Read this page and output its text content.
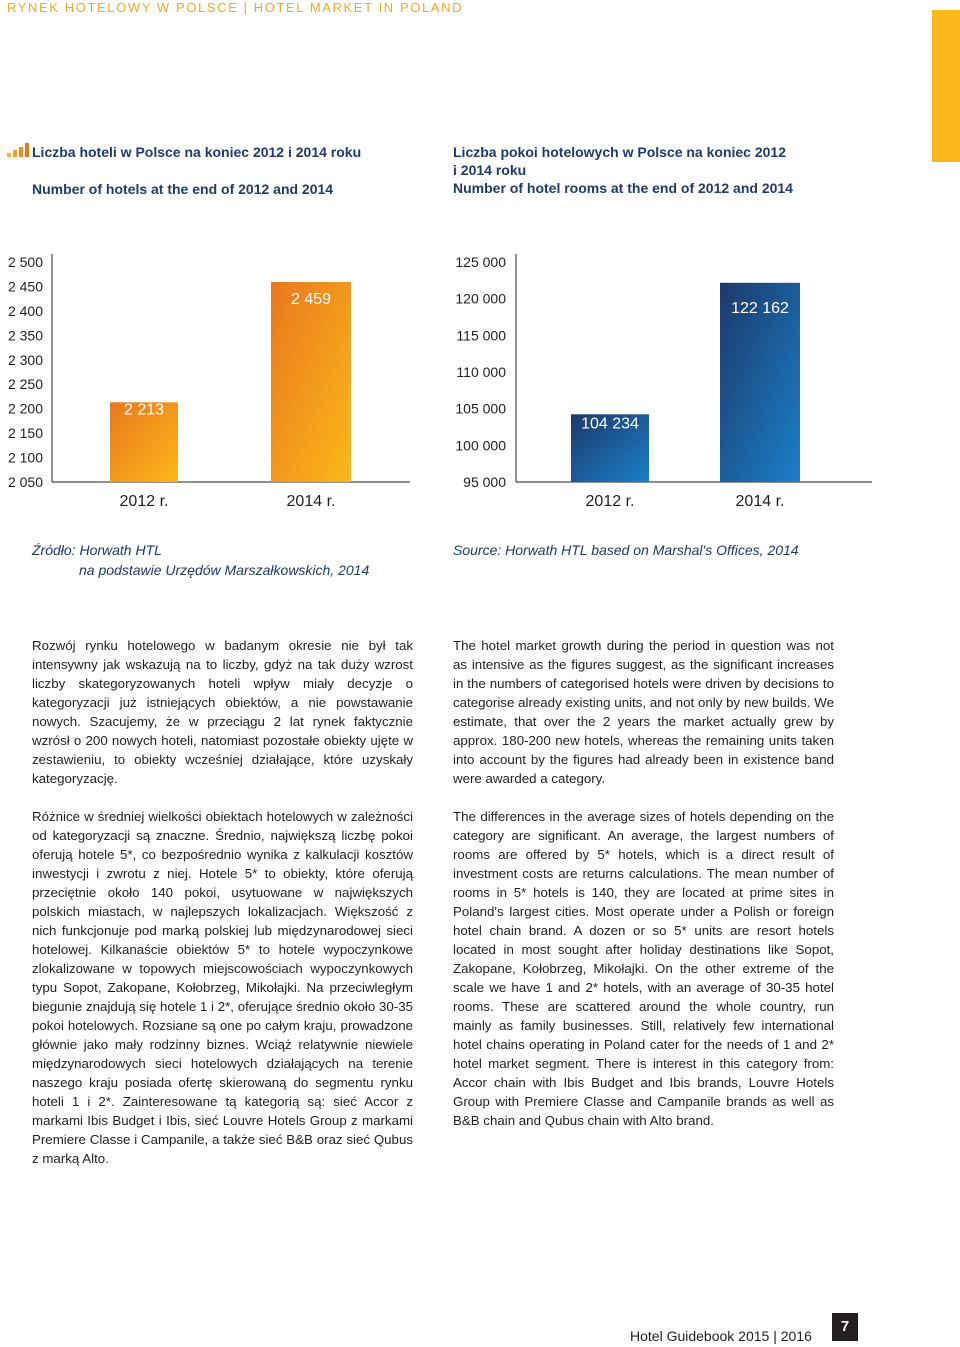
RYNEK HOTELOWY W POLSCE | HOTEL MARKET IN POLAND
Liczba hoteli w Polsce na koniec 2012 i 2014 roku
Number of hotels at the end of 2012 and 2014
Liczba pokoi hotelowych w Polsce na koniec 2012
i 2014 roku
Number of hotel rooms at the end of 2012 and 2014
2 500
2 450
2 400
2 350
2 300
2 250
2 200
2 150
2 100
2 050
2 213
2012 r.
2 459
2014 r.
125 000
120 000
115 000
110 000
105 000
100 000
95 000
104 234
2012 r.
122 162
2014 r.
Źródło: Horwath HTL
na podstawie Urzędów Marszałkowskich, 2014
Source: Horwath HTL based on Marshal's Offices, 2014
Rozwój rynku hotelowego w badanym okresie nie był tak intensywny jak wskazują na to liczby, gdyż na tak duży wzrost liczby skategoryzowanych hoteli wpływ miały decyzje o kategoryzacji już istniejących obiektów, a nie powstawanie nowych. Szacujemy, że w przeciągu 2 lat rynek faktycznie wzrósł o 200 nowych hoteli, natomiast pozostałe obiekty ujęte w zestawieniu, to obiekty wcześniej działające, które uzyskały kategoryzację.
Różnice w średniej wielkości obiektach hotelowych w zależności od kategoryzacji są znaczne. Średnio, największą liczbę pokoi oferują hotele 5*, co bezpośrednio wynika z kalkulacji kosztów inwestycji i zwrotu z niej. Hotele 5* to obiekty, które oferują przeciętnie około 140 pokoi, usytuowane w największych polskich miastach, w najlepszych lokalizacjach. Większość z nich funkcjonuje pod marką polskiej lub międzynarodowej sieci hotelowej. Kilkanaście obiektów 5* to hotele wypoczynkowe zlokalizowane w topowych miejscowościach wypoczynkowych typu Sopot, Zakopane, Kołobrzeg, Mikołajki. Na przeciwległym biegunie znajdują się hotele 1 i 2*, oferujące średnio około 30-35 pokoi hotelowych. Rozsiane są one po całym kraju, prowadzone głównie jako mały rodzinny biznes. Wciąż relatywnie niewiele międzynarodowych sieci hotelowych działających na terenie naszego kraju posiada ofertę skierowaną do segmentu rynku hoteli 1 i 2*. Zainteresowane tą kategorią są: sieć Accor z markami Ibis Budget i Ibis, sieć Louvre Hotels Group z markami Premiere Classe i Campanile, a także sieć B&B oraz sieć Qubus z marką Alto.
The hotel market growth during the period in question was not as intensive as the figures suggest, as the significant increases in the numbers of categorised hotels were driven by decisions to categorise already existing units, and not only by new builds. We estimate, that over the 2 years the market actually grew by approx. 180-200 new hotels, whereas the remaining units taken into account by the figures had already been in existence band were awarded a category.
The differences in the average sizes of hotels depending on the category are significant. An average, the largest numbers of rooms are offered by 5* hotels, which is a direct result of investment costs are returns calculations. The mean number of rooms in 5* hotels is 140, they are located at prime sites in Poland's largest cities. Most operate under a Polish or foreign hotel chain brand. A dozen or so 5* units are resort hotels located in most sought after holiday destinations like Sopot, Zakopane, Kołobrzeg, Mikołajki. On the other extreme of the scale we have 1 and 2* hotels, with an average of 30-35 hotel rooms. These are scattered around the whole country, run mainly as family businesses. Still, relatively few international hotel chains operating in Poland cater for the needs of 1 and 2* hotel market segment. There is interest in this category from: Accor chain with Ibis Budget and Ibis brands, Louvre Hotels Group with Premiere Classe and Campanile brands as well as B&B chain and Qubus chain with Alto brand.
Hotel Guidebook 2015 | 2016
7
